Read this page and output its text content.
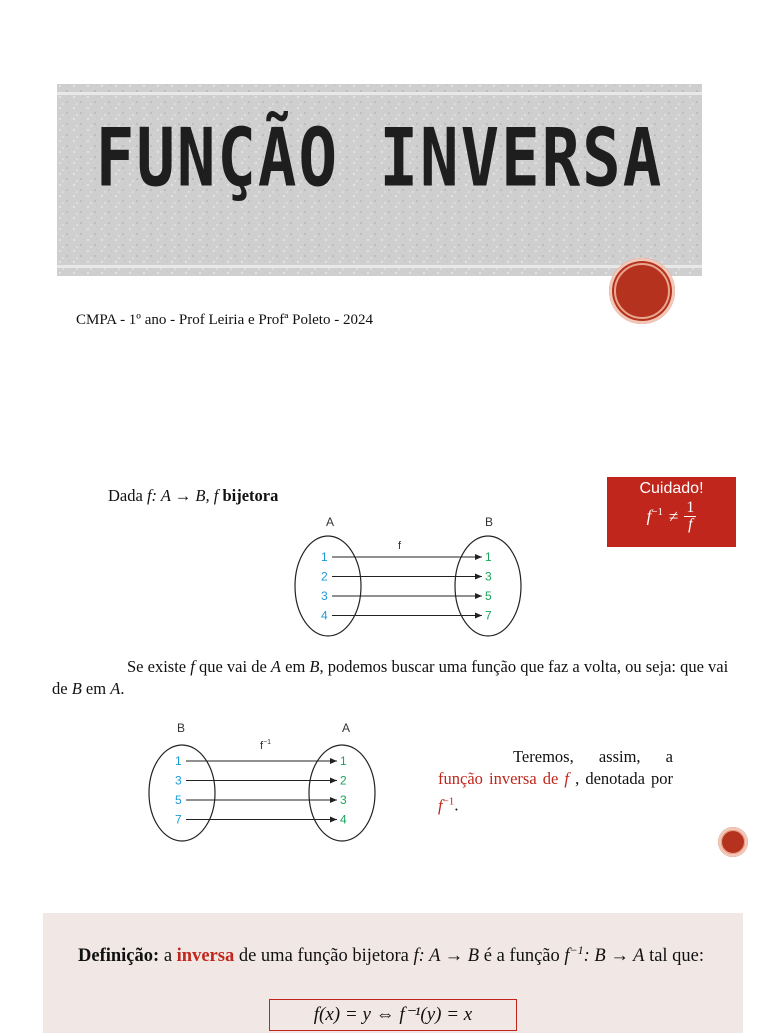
FUNÇÃO INVERSA
CMPA - 1º ano - Prof Leiria e Profª Poleto - 2024
Dada f: A → B, f bijetora	Cuidado!
$f^{-1} \ne \frac{1}{f}$
A	B
f
1	1
2	3
3	5
4	7
Se existe f que vai de A em B, podemos buscar uma função que faz a volta, ou seja: que vai de B em A.
B	A
$f^{-1}$
1	1
3	2
5	3
7	4
Teremos, assim, a função inversa de f , denotada por $f^{-1}$.
Definição: a inversa de uma função bijetora f: A → B é a função $f^{-1}$: B → A tal que:
f(x) = y ⇔ f⁻¹(y) = x
